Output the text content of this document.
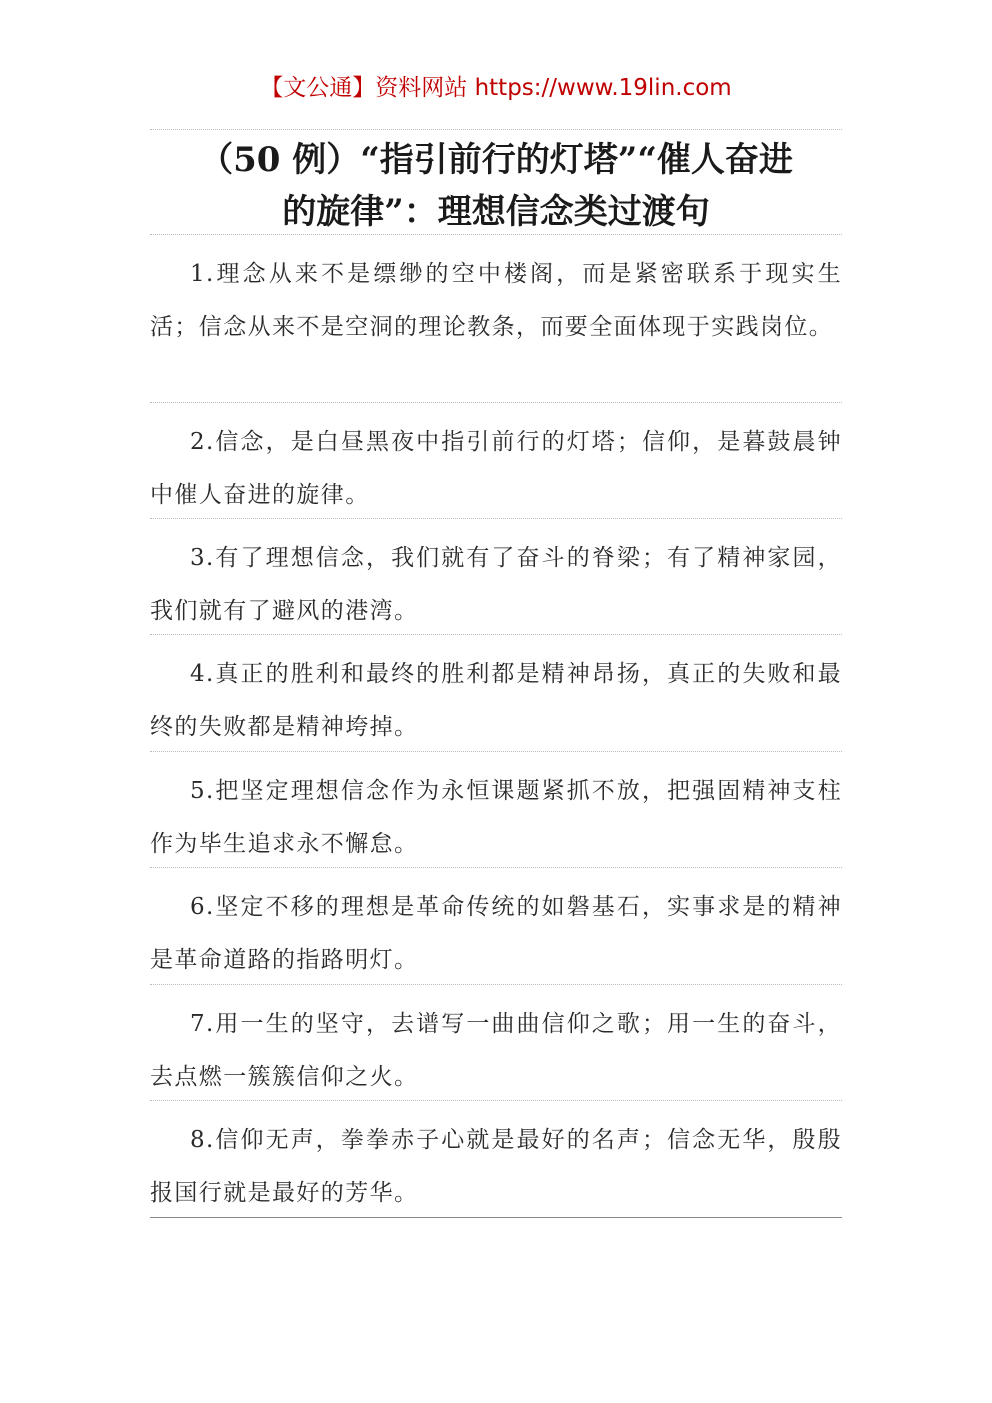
【文公通】资料网站 https://www.19lin.com
（50 例）“指引前行的灯塔”“催人奋进
的旋律”：理想信念类过渡句
1.理念从来不是缥缈的空中楼阁，而是紧密联系于现实生活；信念从来不是空洞的理论教条，而要全面体现于实践岗位。
2.信念，是白昼黑夜中指引前行的灯塔；信仰，是暮鼓晨钟中催人奋进的旋律。
3.有了理想信念，我们就有了奋斗的脊梁；有了精神家园，我们就有了避风的港湾。
4.真正的胜利和最终的胜利都是精神昂扬，真正的失败和最终的失败都是精神垮掉。
5.把坚定理想信念作为永恒课题紧抓不放，把强固精神支柱作为毕生追求永不懈怠。
6.坚定不移的理想是革命传统的如磐基石，实事求是的精神是革命道路的指路明灯。
7.用一生的坚守，去谱写一曲曲信仰之歌；用一生的奋斗，去点燃一簇簇信仰之火。
8.信仰无声，拳拳赤子心就是最好的名声；信念无华，殷殷报国行就是最好的芳华。
